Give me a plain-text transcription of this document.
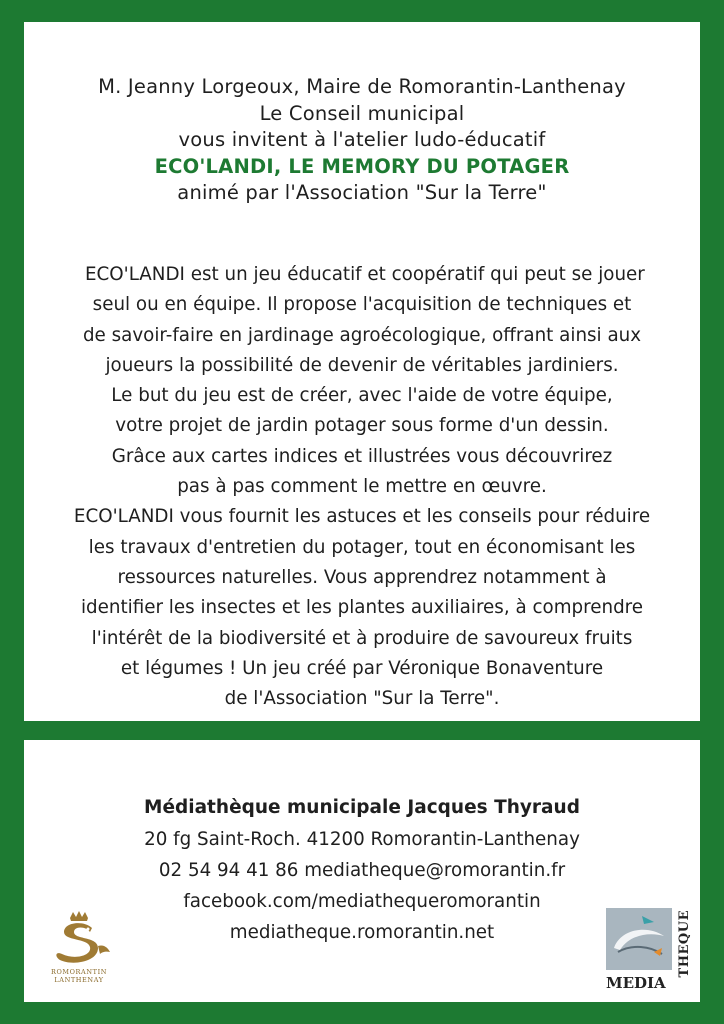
M. Jeanny Lorgeoux, Maire de Romorantin-Lanthenay
Le Conseil municipal
vous invitent à l'atelier ludo-éducatif
ECO'LANDI, LE MEMORY DU POTAGER
animé par l'Association "Sur la Terre"
ECO'LANDI est un jeu éducatif et coopératif qui peut se jouer
seul ou en équipe. Il propose l'acquisition de techniques et
de savoir-faire en jardinage agroécologique, offrant ainsi aux
joueurs la possibilité de devenir de véritables jardiniers.
Le but du jeu est de créer, avec l'aide de votre équipe,
votre projet de jardin potager sous forme d'un dessin.
Grâce aux cartes indices et illustrées vous découvrirez
pas à pas comment le mettre en œuvre.
ECO'LANDI vous fournit les astuces et les conseils pour réduire
les travaux d'entretien du potager, tout en économisant les
ressources naturelles. Vous apprendrez notamment à
identifier les insectes et les plantes auxiliaires, à comprendre
l'intérêt de la biodiversité et à produire de savoureux fruits
et légumes ! Un jeu créé par Véronique Bonaventure
de l'Association "Sur la Terre".
Médiathèque municipale Jacques Thyraud
20 fg Saint-Roch. 41200 Romorantin-Lanthenay
02 54 94 41 86 mediatheque@romorantin.fr
facebook.com/mediathequeromorantin
mediatheque.romorantin.net
ROMORANTIN
LANTHENAY	MEDIA
THEQUE
